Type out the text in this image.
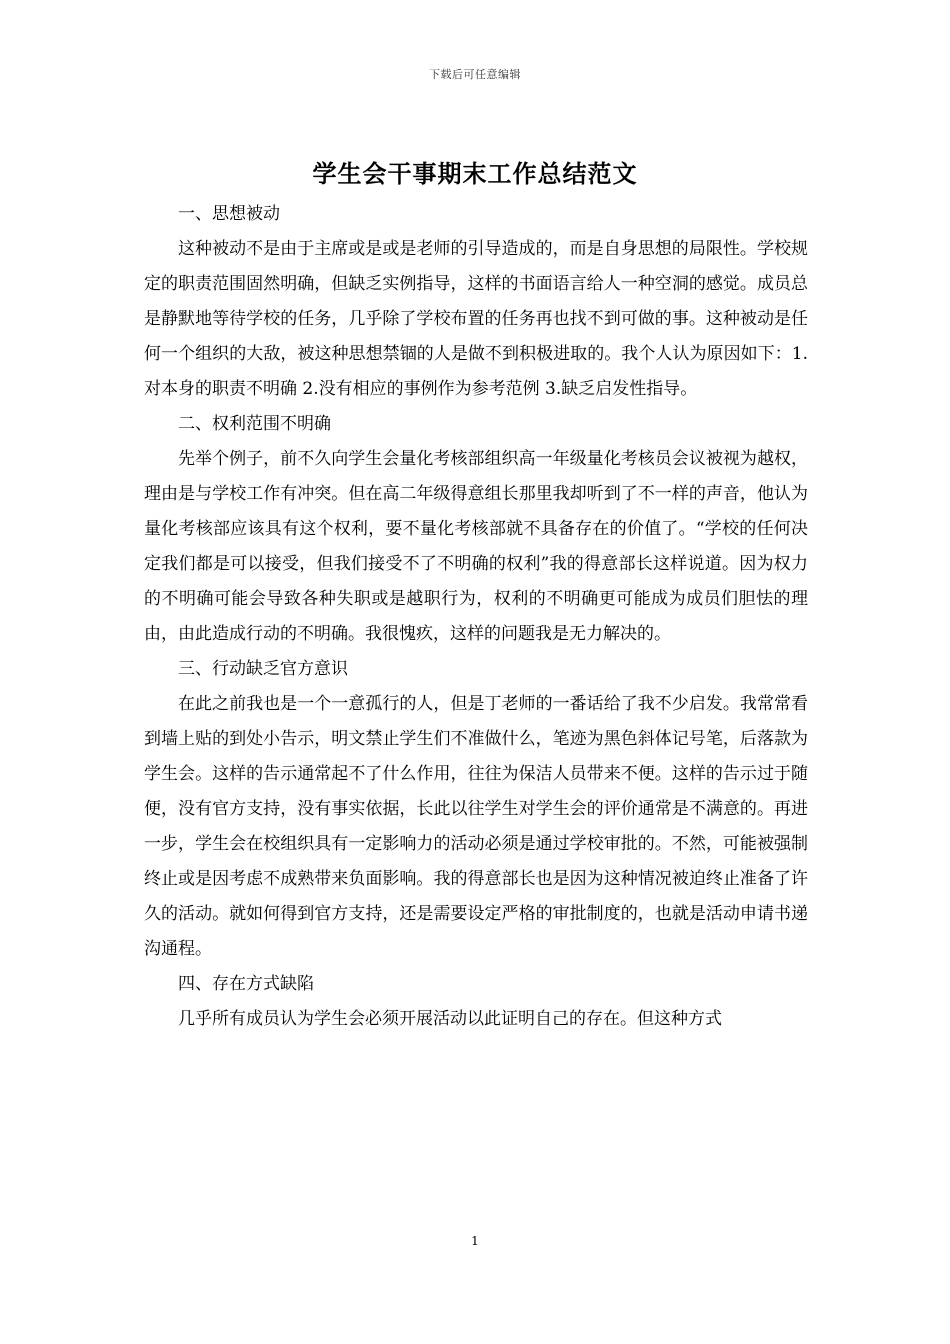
下载后可任意编辑
学生会干事期末工作总结范文

一、思想被动

这种被动不是由于主席或是或是老师的引导造成的，而是自身思想的局限性。学校规定的职责范围固然明确，但缺乏实例指导，这样的书面语言给人一种空洞的感觉。成员总是静默地等待学校的任务，几乎除了学校布置的任务再也找不到可做的事。这种被动是任何一个组织的大敌，被这种思想禁锢的人是做不到积极进取的。我个人认为原因如下：1.对本身的职责不明确 2.没有相应的事例作为参考范例 3.缺乏启发性指导。

二、权利范围不明确

先举个例子，前不久向学生会量化考核部组织高一年级量化考核员会议被视为越权，理由是与学校工作有冲突。但在高二年级得意组长那里我却听到了不一样的声音，他认为量化考核部应该具有这个权利，要不量化考核部就不具备存在的价值了。“学校的任何决定我们都是可以接受，但我们接受不了不明确的权利”我的得意部长这样说道。因为权力的不明确可能会导致各种失职或是越职行为，权利的不明确更可能成为成员们胆怯的理由，由此造成行动的不明确。我很愧疚，这样的问题我是无力解决的。

三、行动缺乏官方意识

在此之前我也是一个一意孤行的人，但是丁老师的一番话给了我不少启发。我常常看到墙上贴的到处小告示，明文禁止学生们不准做什么，笔迹为黑色斜体记号笔，后落款为学生会。这样的告示通常起不了什么作用，往往为保洁人员带来不便。这样的告示过于随便，没有官方支持，没有事实依据，长此以往学生对学生会的评价通常是不满意的。再进一步，学生会在校组织具有一定影响力的活动必须是通过学校审批的。不然，可能被强制终止或是因考虑不成熟带来负面影响。我的得意部长也是因为这种情况被迫终止准备了许久的活动。就如何得到官方支持，还是需要设定严格的审批制度的，也就是活动申请书递沟通程。

四、存在方式缺陷

几乎所有成员认为学生会必须开展活动以此证明自己的存在。但这种方式

1
